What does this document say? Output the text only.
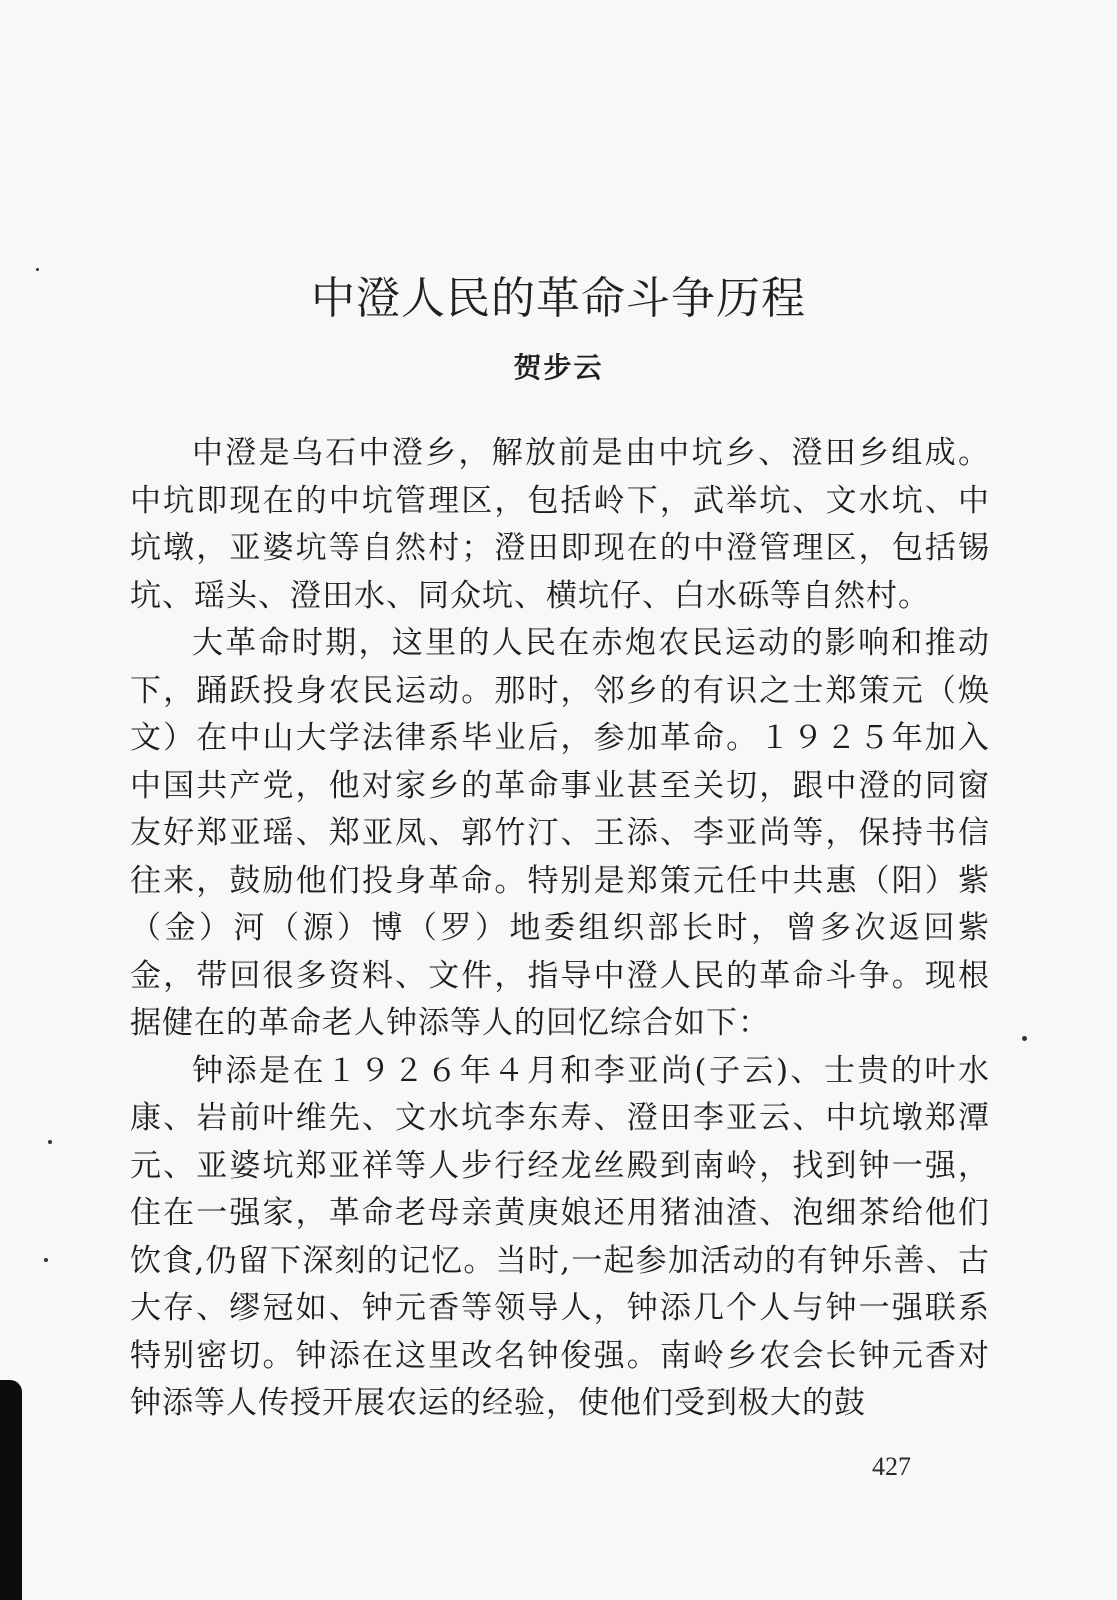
中澄人民的革命斗争历程
贺步云

中澄是乌石中澄乡，解放前是由中坑乡、澄田乡组成。中坑即现在的中坑管理区，包括岭下，武举坑、文水坑、中坑墩，亚婆坑等自然村；澄田即现在的中澄管理区，包括锡坑、瑶头、澄田水、同众坑、横坑仔、白水砾等自然村。

大革命时期，这里的人民在赤炮农民运动的影响和推动下，踊跃投身农民运动。那时，邻乡的有识之士郑策元（焕文）在中山大学法律系毕业后，参加革命。１９２５年加入中国共产党，他对家乡的革命事业甚至关切，跟中澄的同窗友好郑亚瑶、郑亚凤、郭竹汀、王添、李亚尚等，保持书信往来，鼓励他们投身革命。特别是郑策元任中共惠（阳）紫（金）河（源）博（罗）地委组织部长时，曾多次返回紫金，带回很多资料、文件，指导中澄人民的革命斗争。现根据健在的革命老人钟添等人的回忆综合如下：

钟添是在１９２６年４月和李亚尚(子云)、士贵的叶水康、岩前叶维先、文水坑李东寿、澄田李亚云、中坑墩郑潭元、亚婆坑郑亚祥等人步行经龙丝殿到南岭，找到钟一强，住在一强家，革命老母亲黄庚娘还用猪油渣、泡细茶给他们饮食,仍留下深刻的记忆。当时,一起参加活动的有钟乐善、古大存、缪冠如、钟元香等领导人，钟添几个人与钟一强联系特别密切。钟添在这里改名钟俊强。南岭乡农会长钟元香对钟添等人传授开展农运的经验，使他们受到极大的鼓

427
